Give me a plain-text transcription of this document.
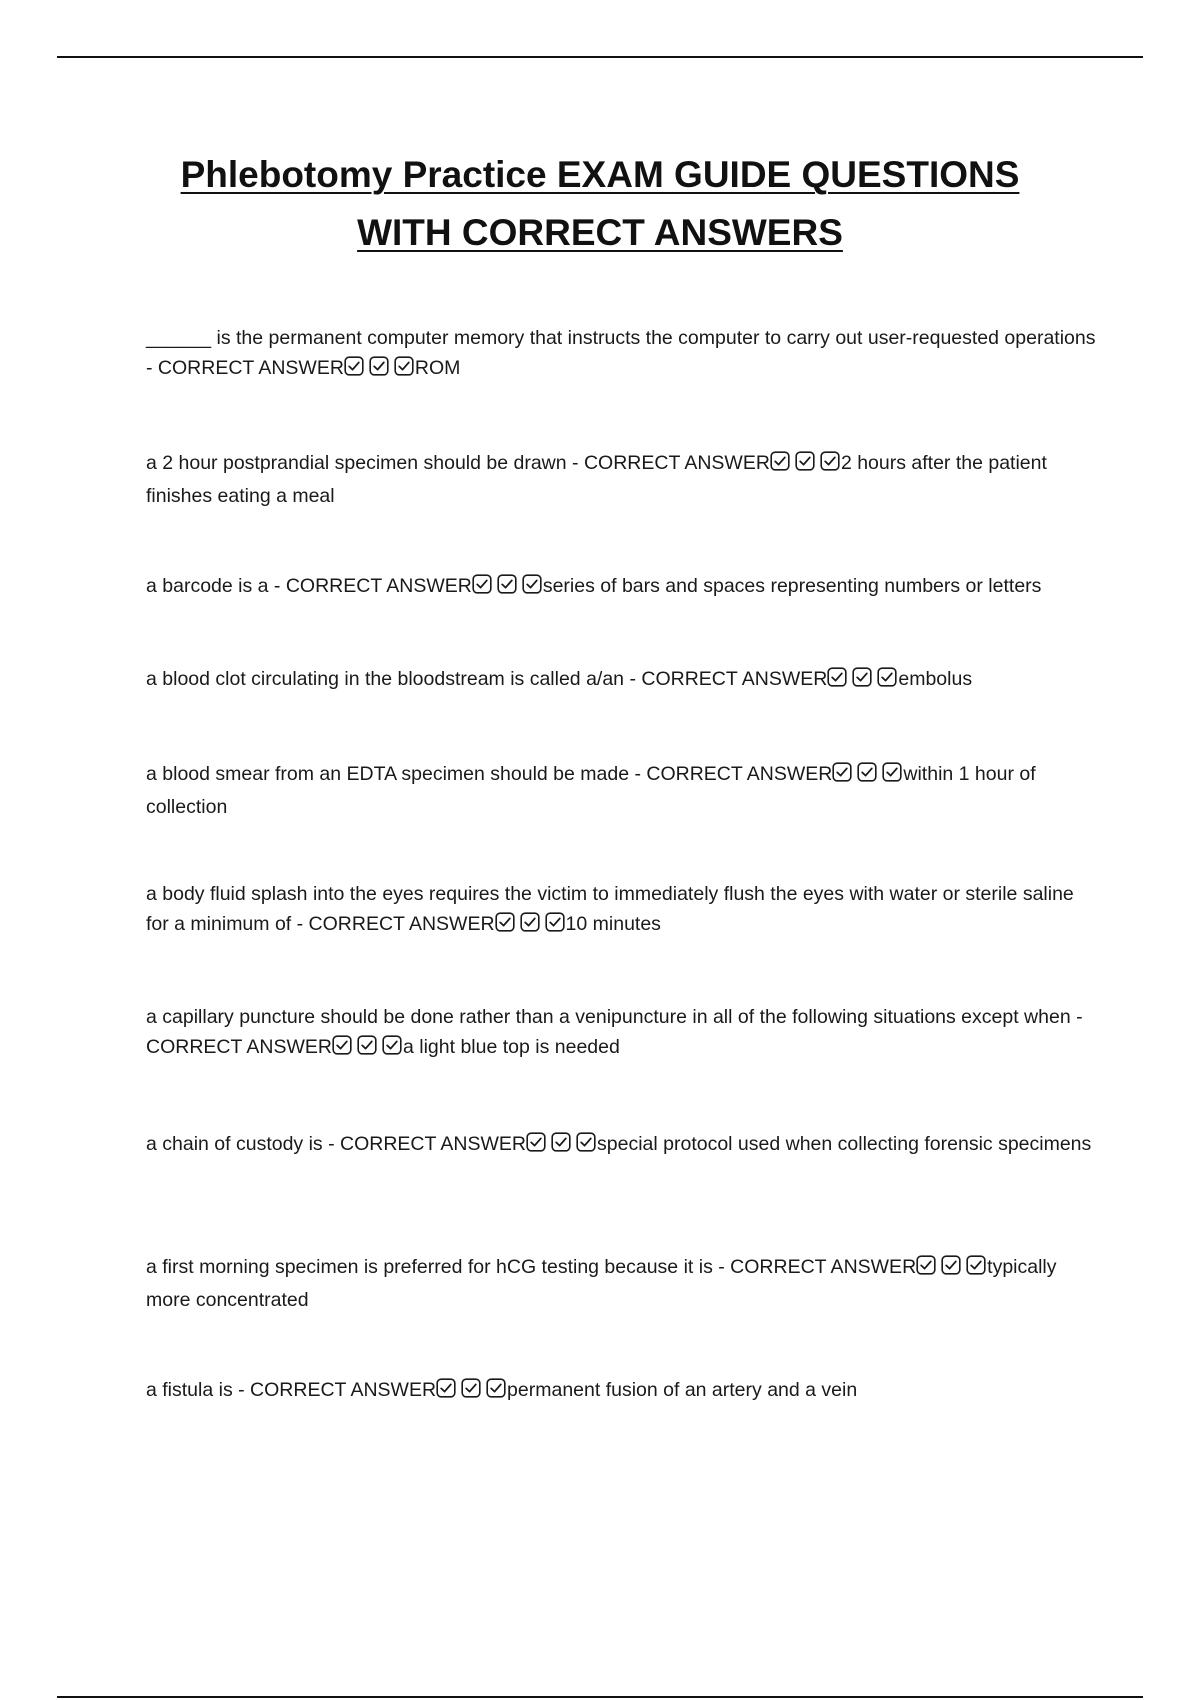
Phlebotomy Practice EXAM GUIDE QUESTIONS
WITH CORRECT ANSWERS
______ is the permanent computer memory that instructs the computer to carry out user-requested operations - CORRECT ANSWER	ROM
a 2 hour postprandial specimen should be drawn - CORRECT ANSWER	2 hours after the patient finishes eating a meal
a barcode is a - CORRECT ANSWER	series of bars and spaces representing numbers or letters
a blood clot circulating in the bloodstream is called a/an - CORRECT ANSWER	embolus
a blood smear from an EDTA specimen should be made - CORRECT ANSWER	within 1 hour of collection
a body fluid splash into the eyes requires the victim to immediately flush the eyes with water or sterile saline for a minimum of - CORRECT ANSWER	10 minutes
a capillary puncture should be done rather than a venipuncture in all of the following situations except when - CORRECT ANSWER	a light blue top is needed
a chain of custody is - CORRECT ANSWER	special protocol used when collecting forensic specimens
a first morning specimen is preferred for hCG testing because it is - CORRECT ANSWER	typically more concentrated
a fistula is - CORRECT ANSWER	permanent fusion of an artery and a vein
